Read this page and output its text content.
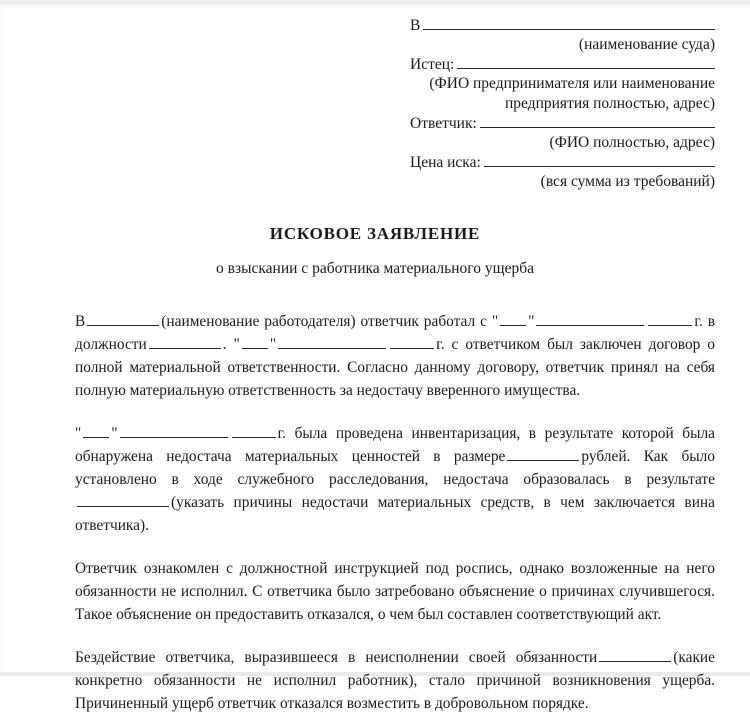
В
(наименование суда)
Истец:
(ФИО предпринимателя или наименование
предприятия полностью, адрес)
Ответчик:
(ФИО полностью, адрес)
Цена иска:
(вся сумма из требований)
ИСКОВОЕ ЗАЯВЛЕНИЕ
о взыскании с работника материального ущерба

В	(наименование работодателя) ответчик работал с " "	г. в должности	. " "	г. с ответчиком был заключен договор о полной материальной ответственности. Согласно данному договору, ответчик принял на себя полную материальную ответственность за недостачу вверенного имущества.

" "	г. была проведена инвентаризация, в результате которой была обнаружена недостача материальных ценностей в размере	рублей. Как было установлено в ходе служебного расследования, недостача образовалась в результате(указать причины недостачи материальных средств, в чем заключается вина ответчика).

Ответчик ознакомлен с должностной инструкцией под роспись, однако возложенные на него обязанности не исполнил. С ответчика было затребовано объяснение о причинах случившегося. Такое объяснение он предоставить отказался, о чем был составлен соответствующий акт.

Бездействие ответчика, выразившееся в неисполнении своей обязанности	(какие конкретно обязанности не исполнил работник), стало причиной возникновения ущерба. Причиненный ущерб ответчик отказался возместить в добровольном порядке.
